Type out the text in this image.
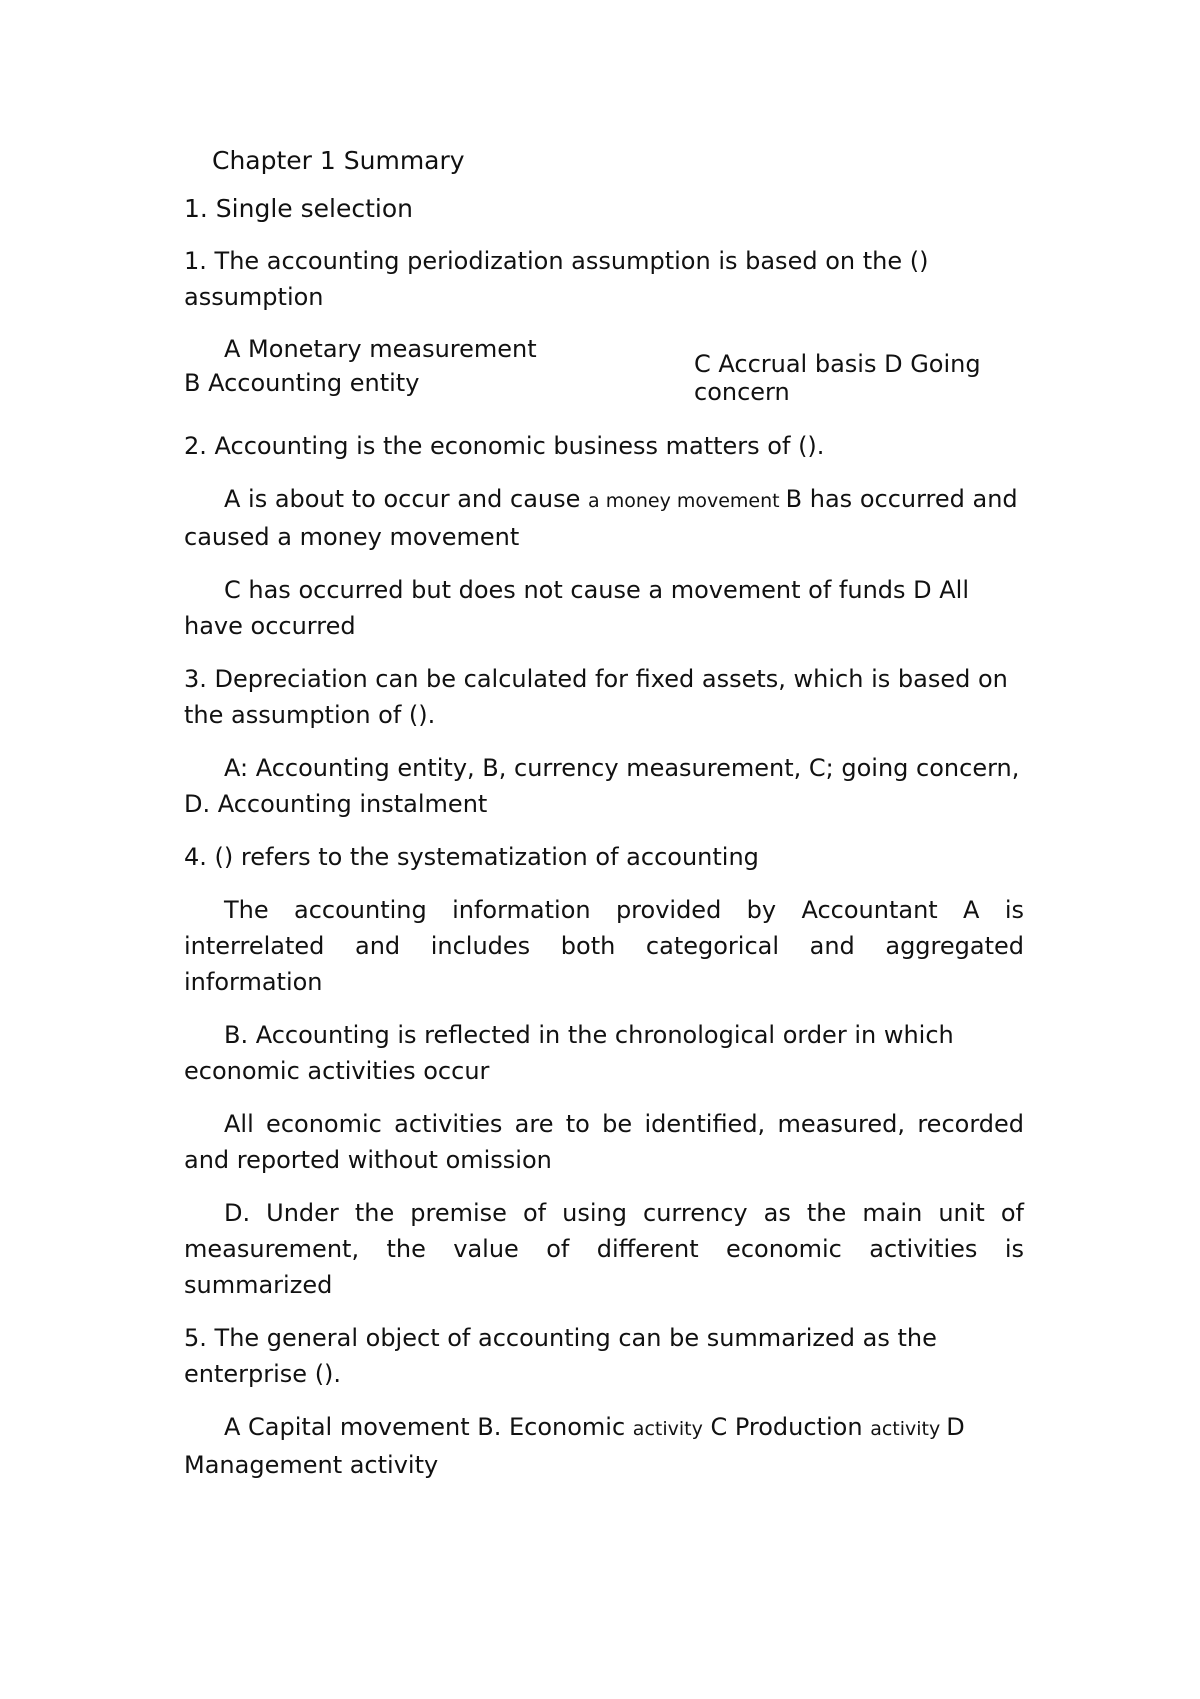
Chapter 1 Summary

1. Single selection

1. The accounting periodization assumption is based on the () assumption

A Monetary measurement
B Accounting entity
C Accrual basis D Going concern

2. Accounting is the economic business matters of ().

A is about to occur and cause a money movement B has occurred and caused a money movement

C has occurred but does not cause a movement of funds D All have occurred

3. Depreciation can be calculated for fixed assets, which is based on the assumption of ().

A: Accounting entity, B, currency measurement, C; going concern, D. Accounting instalment

4. () refers to the systematization of accounting

The accounting information provided by Accountant A is interrelated and includes both categorical and aggregated information

B. Accounting is reflected in the chronological order in which economic activities occur

All economic activities are to be identified, measured, recorded and reported without omission

D. Under the premise of using currency as the main unit of measurement, the value of different economic activities is summarized

5. The general object of accounting can be summarized as the enterprise ().

A Capital movement B. Economic activity C Production activity D Management activity
